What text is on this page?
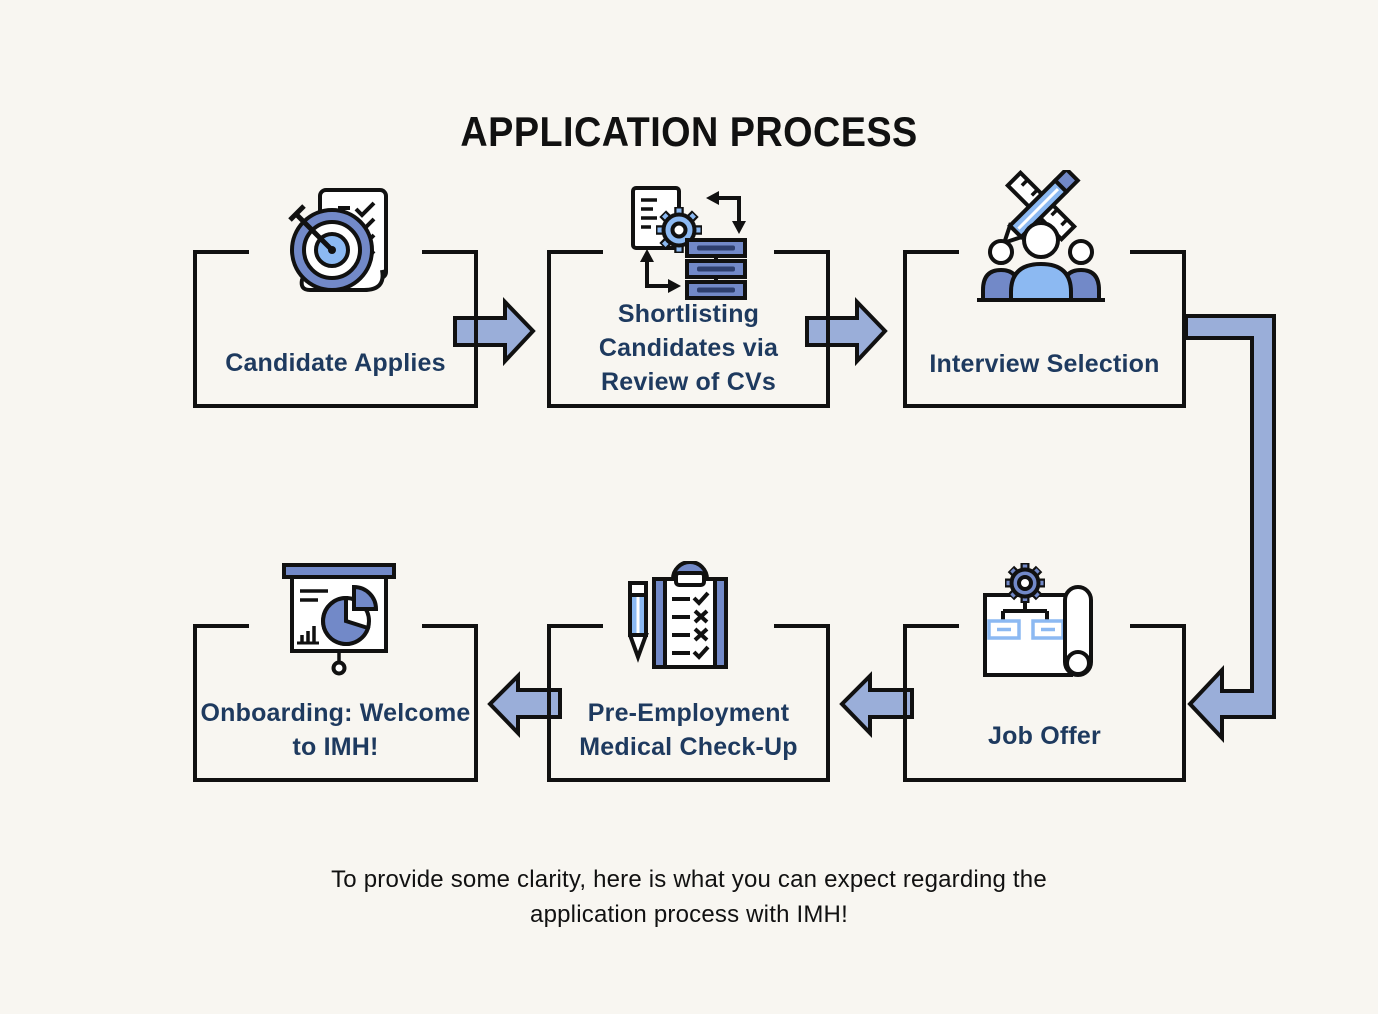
APPLICATION PROCESS
Candidate Applies
Shortlisting
Candidates via
Review of CVs
Interview Selection
Job Offer
Pre-Employment
Medical Check-Up
Onboarding: Welcome
to IMH!
To provide some clarity, here is what you can expect regarding the
application process with IMH!
